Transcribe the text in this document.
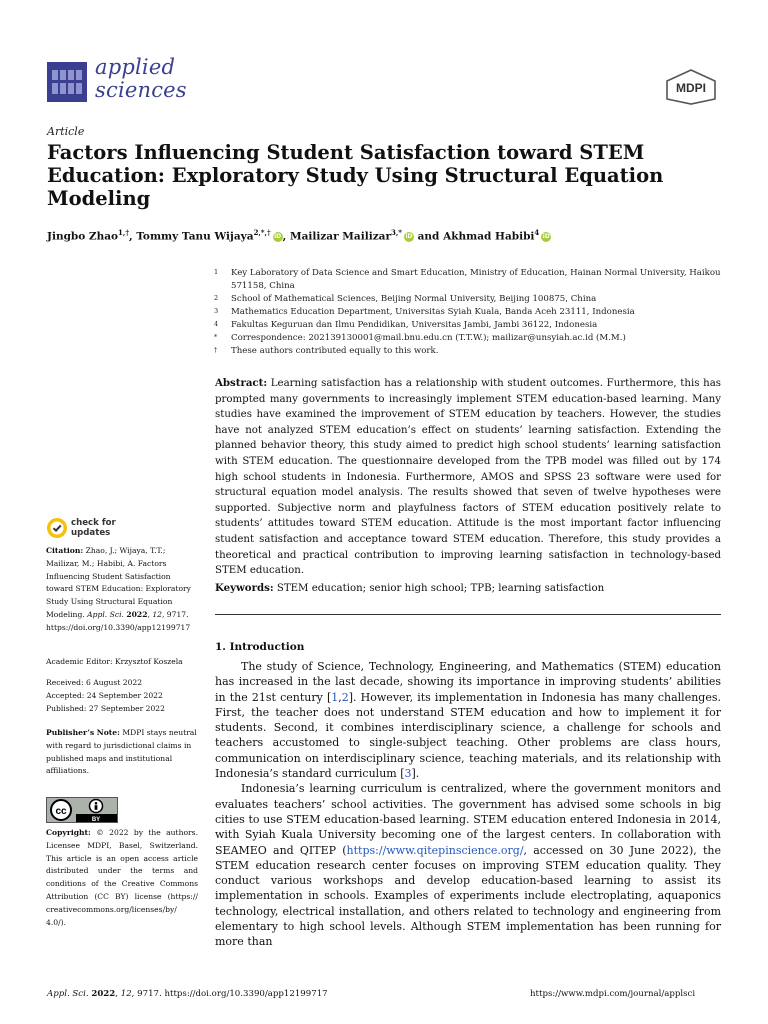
applied
sciences	MDPI
Article
Factors Influencing Student Satisfaction toward STEM Education: Exploratory Study Using Structural Equation Modeling
Jingbo Zhao$^{1,\dagger}$, Tommy Tanu Wijaya$^{2,*,\dagger}$ iD, Mailizar Mailizar$^{3,*}$ iD and Akhmad Habibi$^4$ iD
1	Key Laboratory of Data Science and Smart Education, Ministry of Education, Hainan Normal University, Haikou 571158, China
2	School of Mathematical Sciences, Beijing Normal University, Beijing 100875, China
3	Mathematics Education Department, Universitas Syiah Kuala, Banda Aceh 23111, Indonesia
4	Fakultas Keguruan dan Ilmu Pendidikan, Universitas Jambi, Jambi 36122, Indonesia
*	Correspondence: 202139130001@mail.bnu.edu.cn (T.T.W.); mailizar@unsyiah.ac.id (M.M.)
†	These authors contributed equally to this work.
Abstract: Learning satisfaction has a relationship with student outcomes. Furthermore, this has prompted many governments to increasingly implement STEM education-based learning. Many studies have examined the improvement of STEM education by teachers. However, the studies have not analyzed STEM education’s effect on students’ learning satisfaction. Extending the planned behavior theory, this study aimed to predict high school students’ learning satisfaction with STEM education. The questionnaire developed from the TPB model was filled out by 174 high school students in Indonesia. Furthermore, AMOS and SPSS 23 software were used for structural equation model analysis. The results showed that seven of twelve hypotheses were supported. Subjective norm and playfulness factors of STEM education positively relate to students’ attitudes toward STEM education. Attitude is the most important factor influencing student satisfaction and acceptance toward STEM education. Therefore, this study provides a theoretical and practical contribution to improving learning satisfaction in technology-based STEM education.
Keywords: STEM education; senior high school; TPB; learning satisfaction
1. Introduction

The study of Science, Technology, Engineering, and Mathematics (STEM) education has increased in the last decade, showing its importance in improving students’ abilities in the 21st century [1,2]. However, its implementation in Indonesia has many challenges. First, the teacher does not understand STEM education and how to implement it for students. Second, it combines interdisciplinary science, a challenge for schools and teachers accustomed to single-subject teaching. Other problems are class hours, communication on interdisciplinary science, teaching materials, and its relationship with Indonesia’s standard curriculum [3].

Indonesia’s learning curriculum is centralized, where the government monitors and evaluates teachers’ school activities. The government has advised some schools in big cities to use STEM education-based learning. STEM education entered Indonesia in 2014, with Syiah Kuala University becoming one of the largest centers. In collaboration with SEAMEO and QITEP (https://www.qitepinscience.org/, accessed on 30 June 2022), the STEM education research center focuses on improving STEM education quality. They conduct various workshops and develop education-based learning to assist its implementation in schools. Examples of experiments include electroplating, aquaponics technology, electrical installation, and others related to technology and engineering from elementary to high school levels. Although STEM implementation has been running for more than

check for
updates
Citation: Zhao, J.; Wijaya, T.T.; Mailizar, M.; Habibi, A. Factors Influencing Student Satisfaction toward STEM Education: Exploratory Study Using Structural Equation Modeling. Appl. Sci. 2022, 12, 9717. https://doi.org/10.3390/app12199717
Academic Editor: Krzysztof Koszela
Received: 6 August 2022
Accepted: 24 September 2022
Published: 27 September 2022
Publisher’s Note: MDPI stays neutral with regard to jurisdictional claims in published maps and institutional affiliations.
cc
BY
Copyright: © 2022 by the authors. Licensee MDPI, Basel, Switzerland. This article is an open access article distributed under the terms and conditions of the Creative Commons Attribution (CC BY) license (https:// creativecommons.org/licenses/by/ 4.0/).
Appl. Sci. 2022, 12, 9717. https://doi.org/10.3390/app12199717	https://www.mdpi.com/journal/applsci
